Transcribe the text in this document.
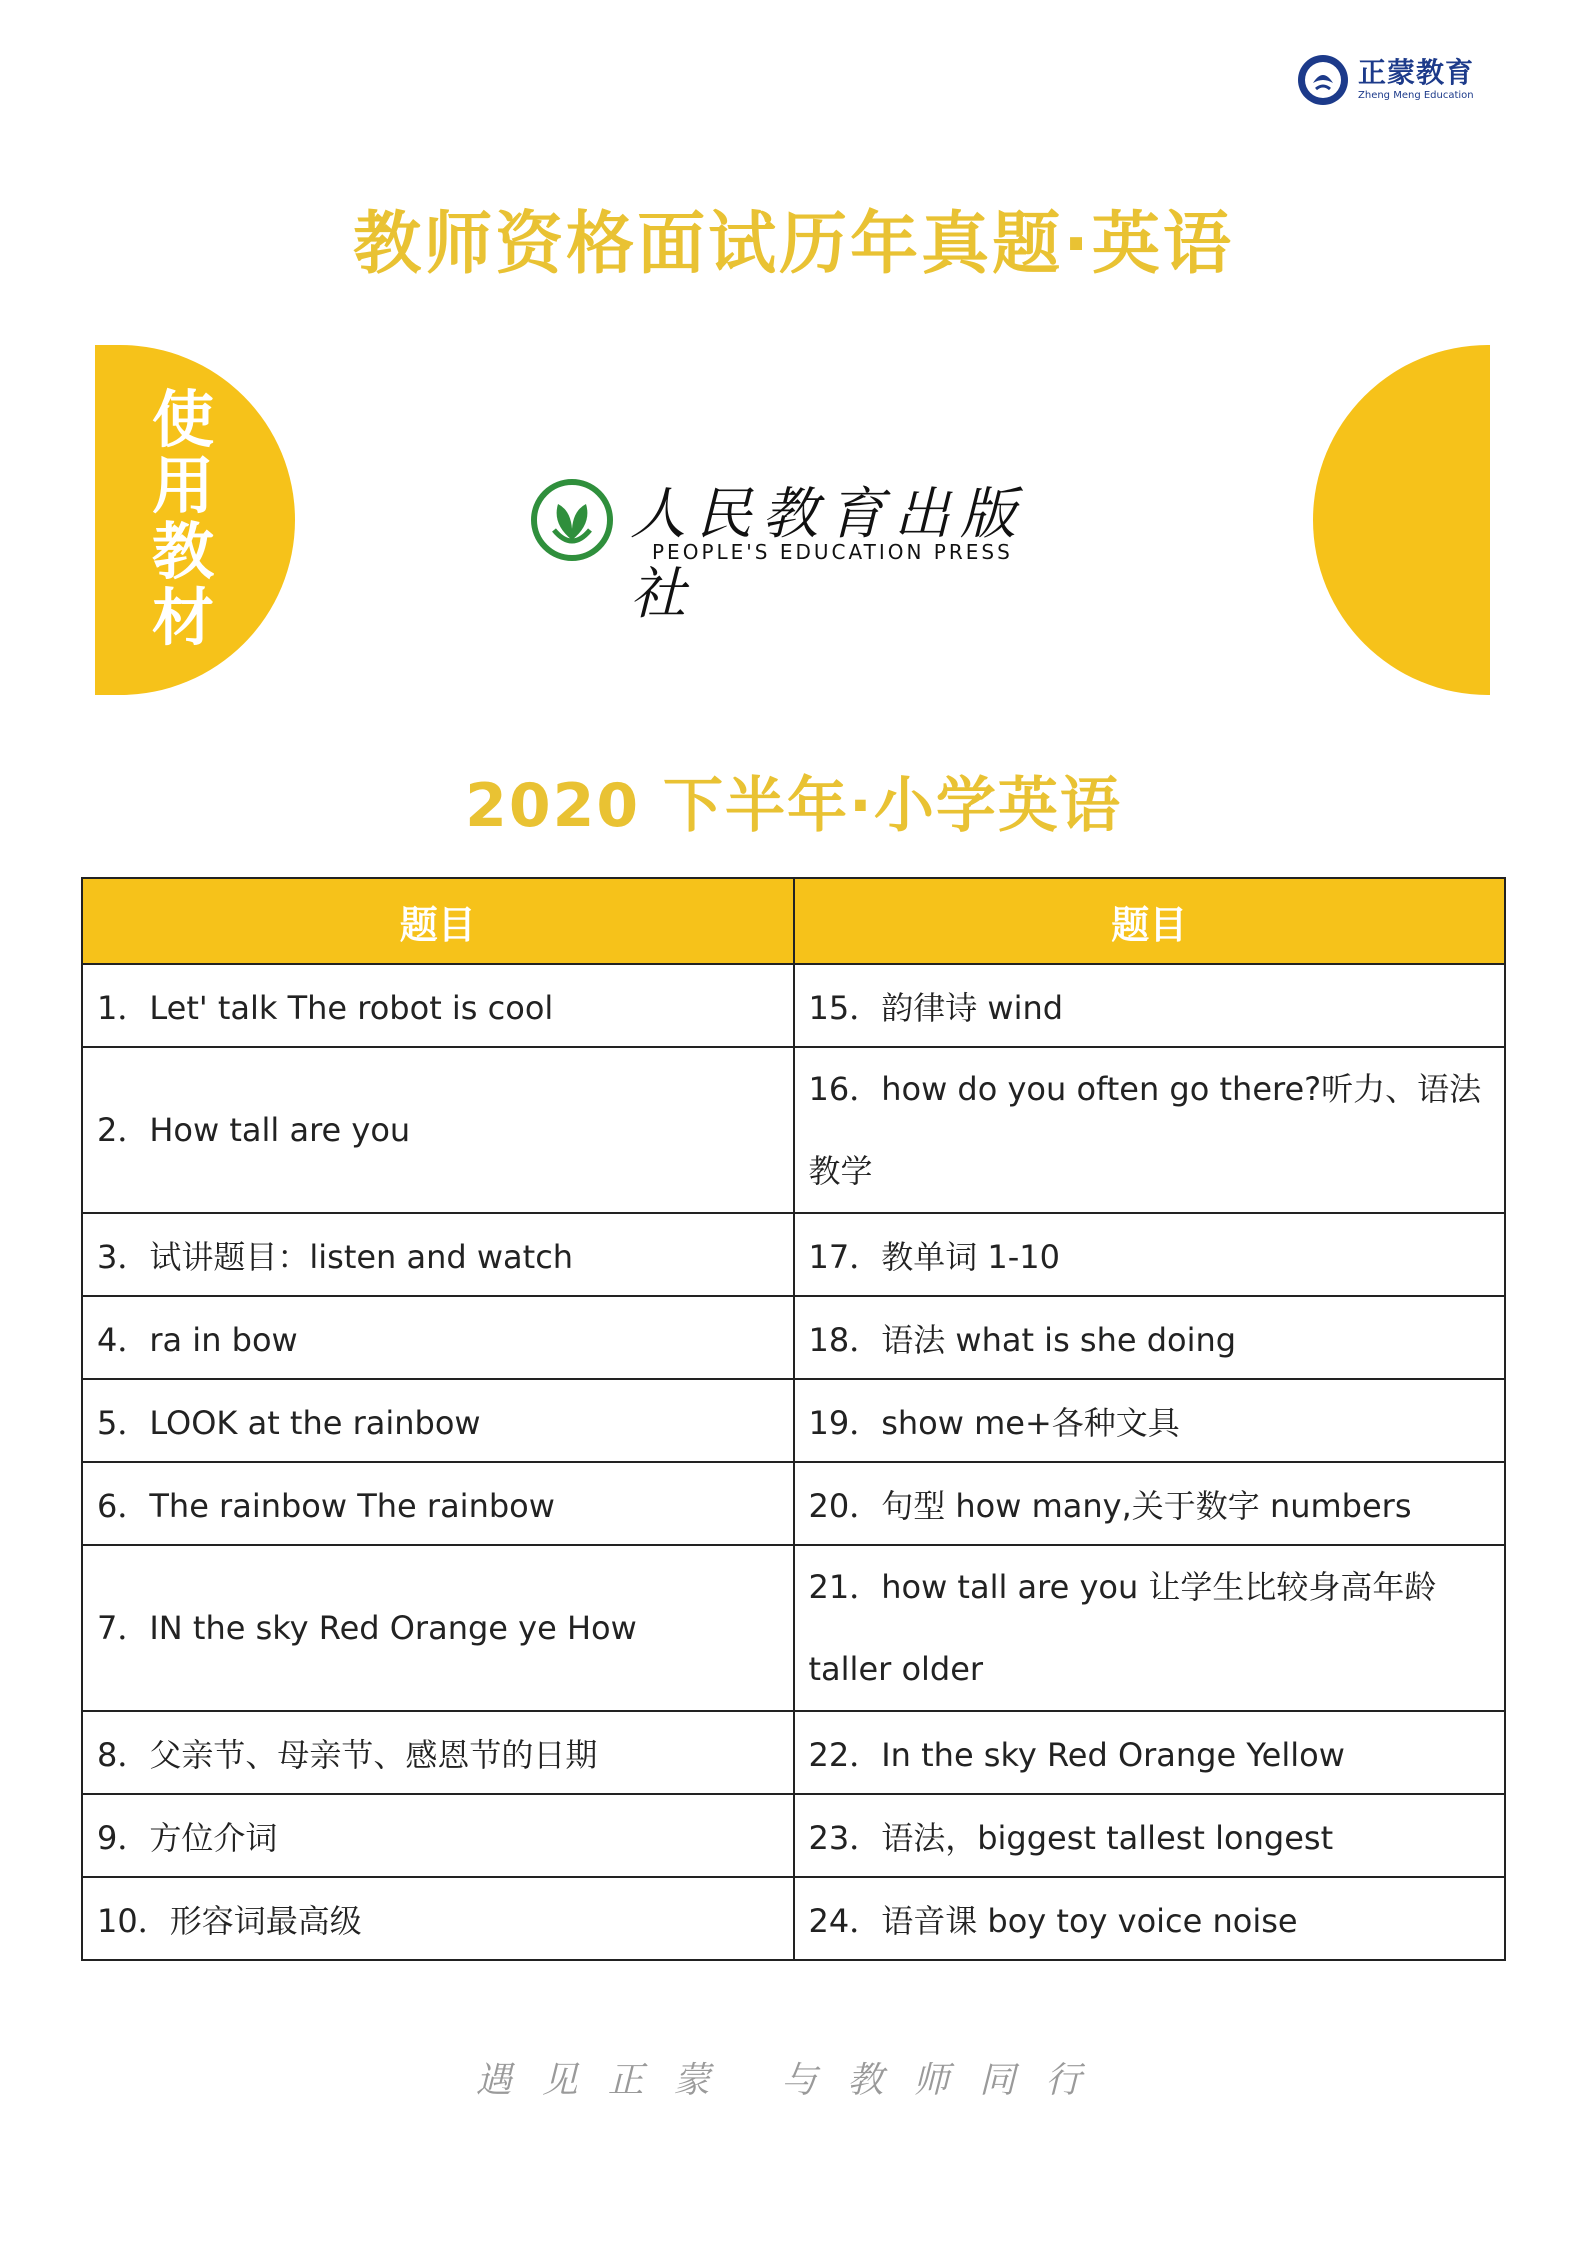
正蒙教育
Zheng Meng Education
教师资格面试历年真题·英语
使用教材
人民教育出版社
PEOPLE'S EDUCATION PRESS
2020 下半年·小学英语
题目	题目
1．Let' talk The robot is cool	15．韵律诗 wind
2．How tall are you	16．how do you often go there?听力、语法教学
3．试讲题目：listen and watch	17．教单词 1-10
4．ra in bow	18．语法 what is she doing
5．LOOK at the rainbow	19．show me+各种文具
6．The rainbow The rainbow	20．句型 how many,关于数字 numbers
7．IN the sky Red Orange ye How	21．how tall are you 让学生比较身高年龄 taller older
8．父亲节、母亲节、感恩节的日期	22．In the sky Red Orange Yellow
9．方位介词	23．语法，biggest tallest longest
10．形容词最高级	24．语音课 boy toy voice noise
遇见正蒙 与教师同行
